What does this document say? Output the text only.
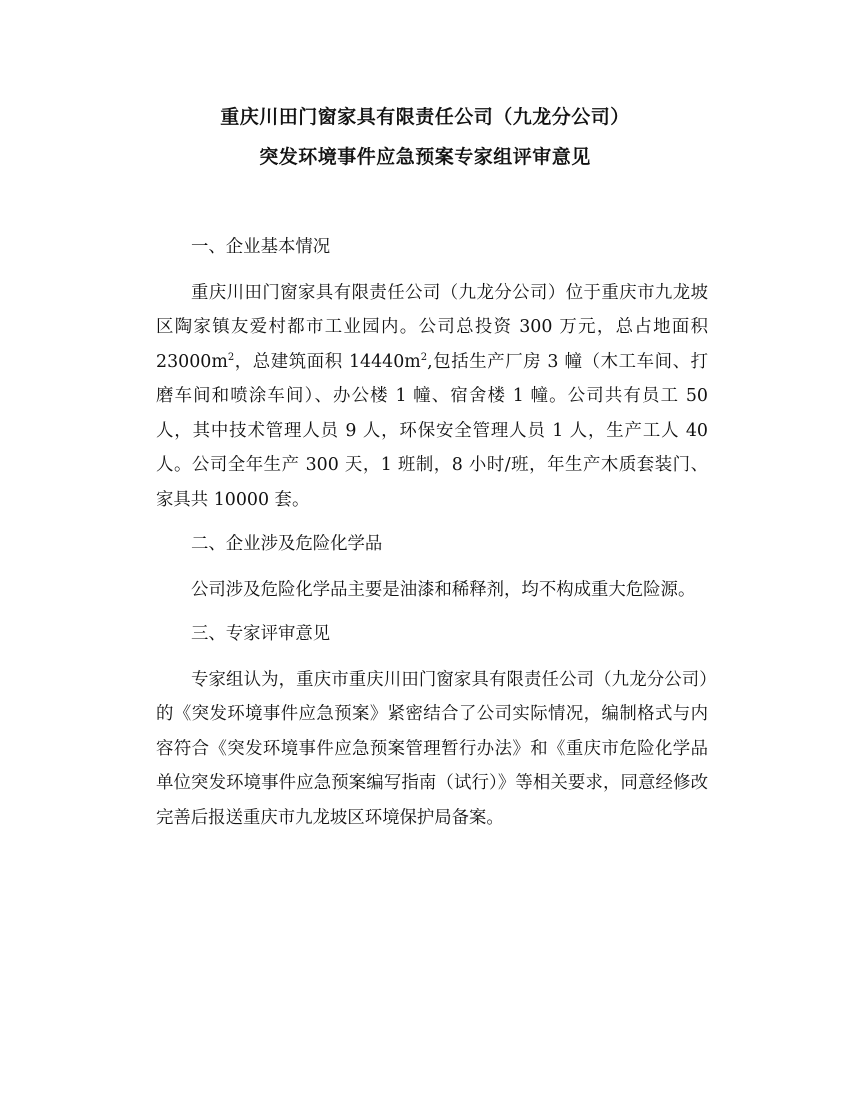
重庆川田门窗家具有限责任公司（九龙分公司）
突发环境事件应急预案专家组评审意见
一、企业基本情况
重庆川田门窗家具有限责任公司（九龙分公司）位于重庆市九龙坡区陶家镇友爱村都市工业园内。公司总投资 300 万元，总占地面积 $23000m^2$，总建筑面积 $14440m^2$,包括生产厂房 3 幢（木工车间、打磨车间和喷涂车间）、办公楼 1 幢、宿舍楼 1 幢。公司共有员工 50 人，其中技术管理人员 9 人，环保安全管理人员 1 人，生产工人 40 人。公司全年生产 300 天，1 班制，8 小时/班，年生产木质套装门、家具共 10000 套。
二、企业涉及危险化学品
公司涉及危险化学品主要是油漆和稀释剂，均不构成重大危险源。
三、专家评审意见
专家组认为，重庆市重庆川田门窗家具有限责任公司（九龙分公司）的《突发环境事件应急预案》紧密结合了公司实际情况，编制格式与内容符合《突发环境事件应急预案管理暂行办法》和《重庆市危险化学品单位突发环境事件应急预案编写指南（试行）》等相关要求，同意经修改完善后报送重庆市九龙坡区环境保护局备案。
